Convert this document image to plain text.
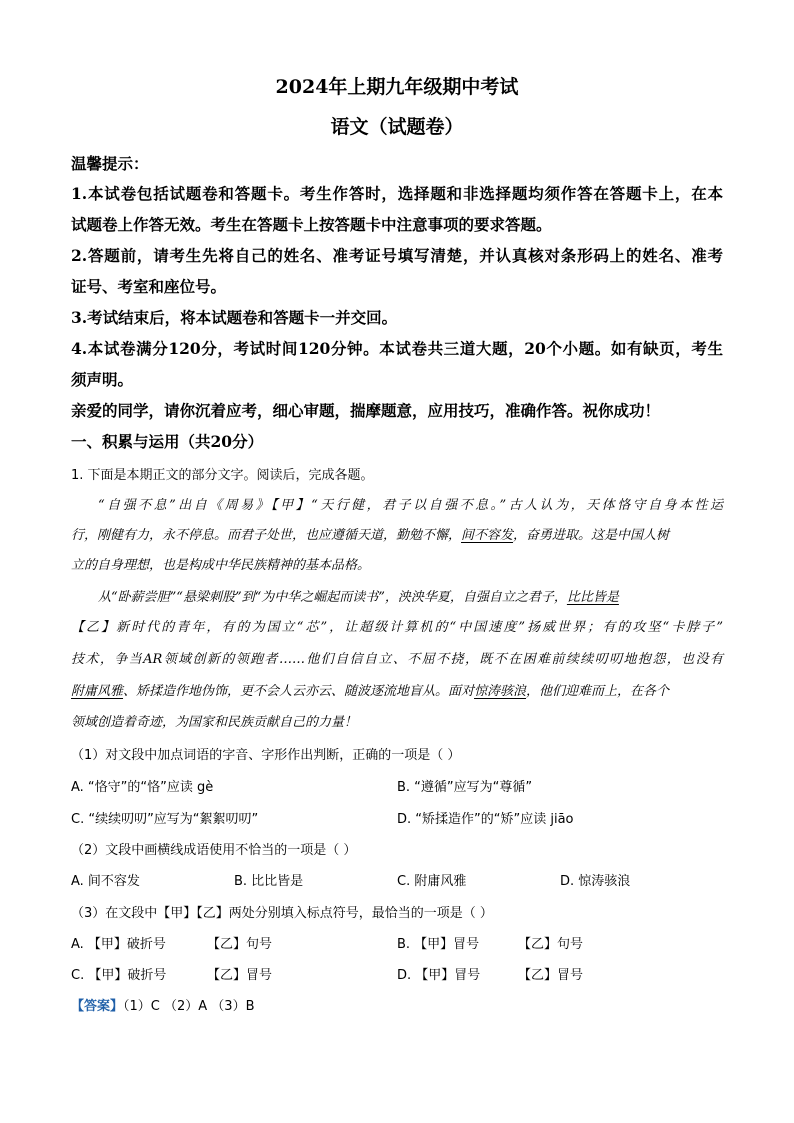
2024年上期九年级期中考试
语文（试题卷）
温馨提示：
1.本试卷包括试题卷和答题卡。考生作答时，选择题和非选择题均须作答在答题卡上，在本
试题卷上作答无效。考生在答题卡上按答题卡中注意事项的要求答题。
2.答题前，请考生先将自己的姓名、准考证号填写清楚，并认真核对条形码上的姓名、准考
证号、考室和座位号。
3.考试结束后，将本试题卷和答题卡一并交回。
4.本试卷满分120分，考试时间120分钟。本试卷共三道大题，20个小题。如有缺页，考生
须声明。
亲爱的同学，请你沉着应考，细心审题，揣摩题意，应用技巧，准确作答。祝你成功！
一、积累与运用（共20分）
1. 下面是本期正文的部分文字。阅读后，完成各题。
“自强不息”出自《周易》【甲】“天行健，君子以自强不息。”古人认为，天体恪守自身本性运
行，刚健有力，永不停息。而君子处世，也应遵循天道，勤勉不懈，间不容发，奋勇进取。这是中国人树
立的自身理想，也是构成中华民族精神的基本品格。
从“卧薪尝胆”“悬梁刺股”到“为中华之崛起而读书”，泱泱华夏，自强自立之君子，比比皆是
【乙】新时代的青年，有的为国立“芯”，让超级计算机的“中国速度”扬威世界；有的攻坚“卡脖子”
技术，争当AR领域创新的领跑者……他们自信自立、不屈不挠，既不在困难前续续叨叨地抱怨，也没有
附庸风雅、矫揉造作地伪饰，更不会人云亦云、随波逐流地盲从。面对惊涛骇浪，他们迎难而上，在各个
领域创造着奇迹，为国家和民族贡献自己的力量！
（1）对文段中加点词语的字音、字形作出判断，正确的一项是（ ）
A. “恪守”的“恪”应读 gè	B. “遵循”应写为“尊循”
C. “续续叨叨”应写为“絮絮叨叨”	D. “矫揉造作”的“矫”应读 jiāo
（2）文段中画横线成语使用不恰当的一项是（ ）
A. 间不容发	B. 比比皆是	C. 附庸风雅	D. 惊涛骇浪
（3）在文段中【甲】【乙】两处分别填入标点符号，最恰当的一项是（ ）
A. 【甲】破折号	【乙】句号	B. 【甲】冒号	【乙】句号
C. 【甲】破折号	【乙】冒号	D. 【甲】冒号	【乙】冒号
【答案】（1）C （2）A （3）B
